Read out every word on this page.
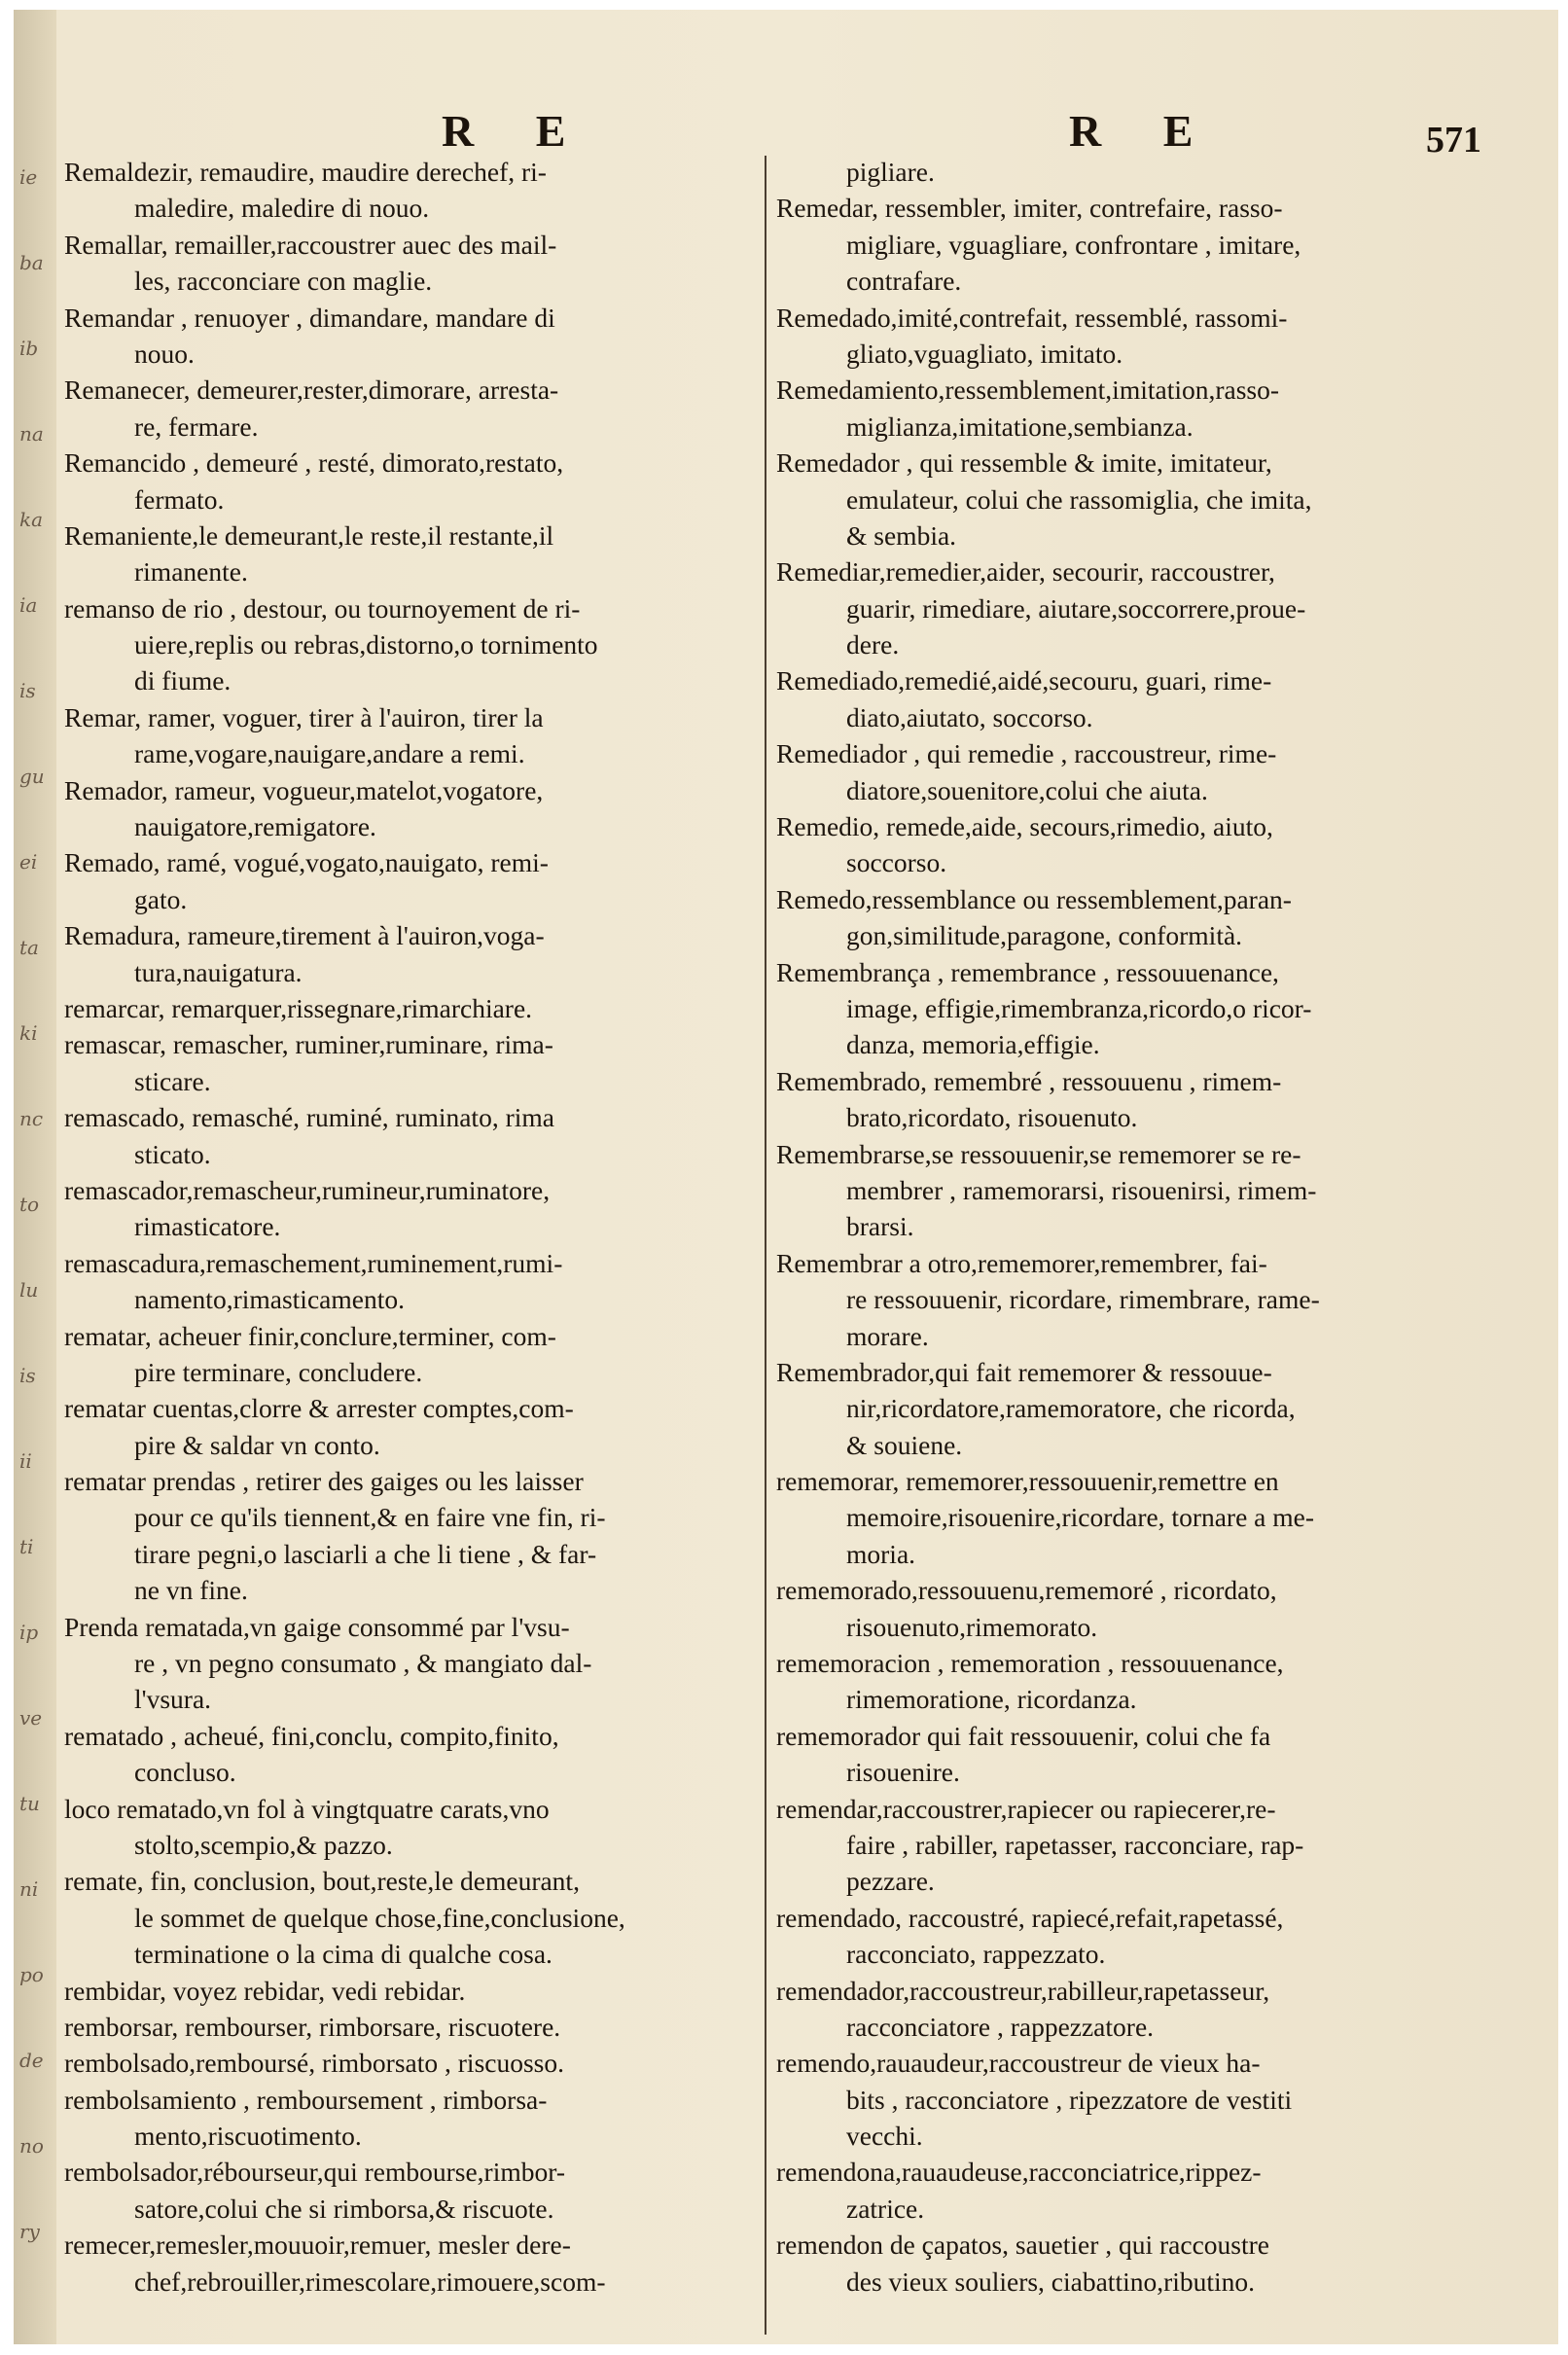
ie
ba
ib
na
ka
ia
is
gu
ei
ta
ki
nc
to
lu
is
ii
ti
ip
ve
tu
ni
po
de
no
ry
R E	R E	571
Remaldezir, remaudire, maudire derechef, ri-
maledire, maledire di nouo.
Remallar, remailler,raccoustrer auec des mail-
les, racconciare con maglie.
Remandar , renuoyer , dimandare, mandare di
nouo.
Remanecer, demeurer,rester,dimorare, arresta-
re, fermare.
Remancido , demeuré , resté, dimorato,restato,
fermato.
Remaniente,le demeurant,le reste,il restante,il
rimanente.
remanso de rio , destour, ou tournoyement de ri-
uiere,replis ou rebras,distorno,o tornimento
di fiume.
Remar, ramer, voguer, tirer à l'auiron, tirer la
rame,vogare,nauigare,andare a remi.
Remador, rameur, vogueur,matelot,vogatore,
nauigatore,remigatore.
Remado, ramé, vogué,vogato,nauigato, remi-
gato.
Remadura, rameure,tirement à l'auiron,voga-
tura,nauigatura.
remarcar, remarquer,rissegnare,rimarchiare.
remascar, remascher, ruminer,ruminare, rima-
sticare.
remascado, remasché, ruminé, ruminato, rima
sticato.
remascador,remascheur,rumineur,ruminatore,
rimasticatore.
remascadura,remaschement,ruminement,rumi-
namento,rimasticamento.
rematar, acheuer finir,conclure,terminer, com-
pire terminare, concludere.
rematar cuentas,clorre & arrester comptes,com-
pire & saldar vn conto.
rematar prendas , retirer des gaiges ou les laisser
pour ce qu'ils tiennent,& en faire vne fin, ri-
tirare pegni,o lasciarli a che li tiene , & far-
ne vn fine.
Prenda rematada,vn gaige consommé par l'vsu-
re , vn pegno consumato , & mangiato dal-
l'vsura.
rematado , acheué, fini,conclu, compito,finito,
concluso.
loco rematado,vn fol à vingtquatre carats,vno
stolto,scempio,& pazzo.
remate, fin, conclusion, bout,reste,le demeurant,
le sommet de quelque chose,fine,conclusione,
terminatione o la cima di qualche cosa.
rembidar, voyez rebidar, vedi rebidar.
remborsar, rembourser, rimborsare, riscuotere.
rembolsado,remboursé, rimborsato , riscuosso.
rembolsamiento , remboursement , rimborsa-
mento,riscuotimento.
rembolsador,rébourseur,qui rembourse,rimbor-
satore,colui che si rimborsa,& riscuote.
remecer,remesler,mouuoir,remuer, mesler dere-
chef,rebrouiller,rimescolare,rimouere,scom-
pigliare.
Remedar, ressembler, imiter, contrefaire, rasso-
migliare, vguagliare, confrontare , imitare,
contrafare.
Remedado,imité,contrefait, ressemblé, rassomi-
gliato,vguagliato, imitato.
Remedamiento,ressemblement,imitation,rasso-
miglianza,imitatione,sembianza.
Remedador , qui ressemble & imite, imitateur,
emulateur, colui che rassomiglia, che imita,
& sembia.
Remediar,remedier,aider, secourir, raccoustrer,
guarir, rimediare, aiutare,soccorrere,proue-
dere.
Remediado,remedié,aidé,secouru, guari, rime-
diato,aiutato, soccorso.
Remediador , qui remedie , raccoustreur, rime-
diatore,souenitore,colui che aiuta.
Remedio, remede,aide, secours,rimedio, aiuto,
soccorso.
Remedo,ressemblance ou ressemblement,paran-
gon,similitude,paragone, conformità.
Remembrança , remembrance , ressouuenance,
image, effigie,rimembranza,ricordo,o ricor-
danza, memoria,effigie.
Remembrado, remembré , ressouuenu , rimem-
brato,ricordato, risouenuto.
Remembrarse,se ressouuenir,se rememorer se re-
membrer , ramemorarsi, risouenirsi, rimem-
brarsi.
Remembrar a otro,rememorer,remembrer, fai-
re ressouuenir, ricordare, rimembrare, rame-
morare.
Remembrador,qui fait rememorer & ressouue-
nir,ricordatore,ramemoratore, che ricorda,
& souiene.
rememorar, rememorer,ressouuenir,remettre en
memoire,risouenire,ricordare, tornare a me-
moria.
rememorado,ressouuenu,rememoré , ricordato,
risouenuto,rimemorato.
rememoracion , rememoration , ressouuenance,
rimemoratione, ricordanza.
rememorador qui fait ressouuenir, colui che fa
risouenire.
remendar,raccoustrer,rapiecer ou rapiecerer,re-
faire , rabiller, rapetasser, racconciare, rap-
pezzare.
remendado, raccoustré, rapiecé,refait,rapetassé,
racconciato, rappezzato.
remendador,raccoustreur,rabilleur,rapetasseur,
racconciatore , rappezzatore.
remendo,rauaudeur,raccoustreur de vieux ha-
bits , racconciatore , ripezzatore de vestiti
vecchi.
remendona,rauaudeuse,racconciatrice,rippez-
zatrice.
remendon de çapatos, sauetier , qui raccoustre
des vieux souliers, ciabattino,ributino.
